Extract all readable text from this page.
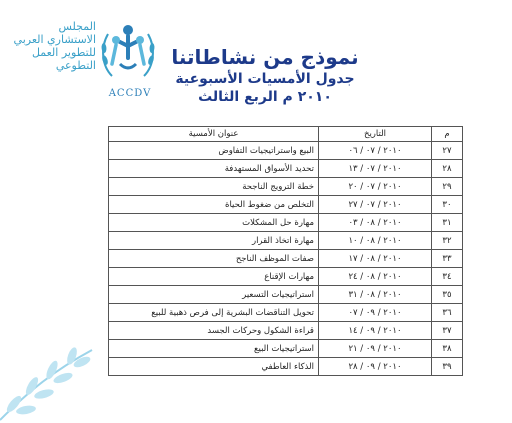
المجلس
الاستشاري العربي
للتطوير العمل
التطوعي
ACCDV
نموذج من نشاطاتنا
جدول الأمسيات الأسبوعية
٢٠١٠ م الربع الثالث
م	التاريخ	عنوان الأمسية
٢٧	٢٠١٠ / ٠٧ / ٠٦	البيع واستراتيجيات التفاوض
٢٨	٢٠١٠ / ٠٧ / ١٣	تحديد الأسواق المستهدفة
٢٩	٢٠١٠ / ٠٧ / ٢٠	خطة الترويج الناجحة
٣٠	٢٠١٠ / ٠٧ / ٢٧	التخلص من ضغوط الحياة
٣١	٢٠١٠ / ٠٨ / ٠٣	مهارة حل المشكلات
٣٢	٢٠١٠ / ٠٨ / ١٠	مهارة اتخاذ القرار
٣٣	٢٠١٠ / ٠٨ / ١٧	صفات الموظف الناجح
٣٤	٢٠١٠ / ٠٨ / ٢٤	مهارات الإقناع
٣٥	٢٠١٠ / ٠٨ / ٣١	استراتيجيات التسعير
٣٦	٢٠١٠ / ٠٩ / ٠٧	تحويل التناقضات البشرية إلى فرص ذهبية للبيع
٣٧	٢٠١٠ / ٠٩ / ١٤	قراءة الشكول وحركات الجسد
٣٨	٢٠١٠ / ٠٩ / ٢١	استراتيجيات البيع
٣٩	٢٠١٠ / ٠٩ / ٢٨	الذكاء العاطفي
